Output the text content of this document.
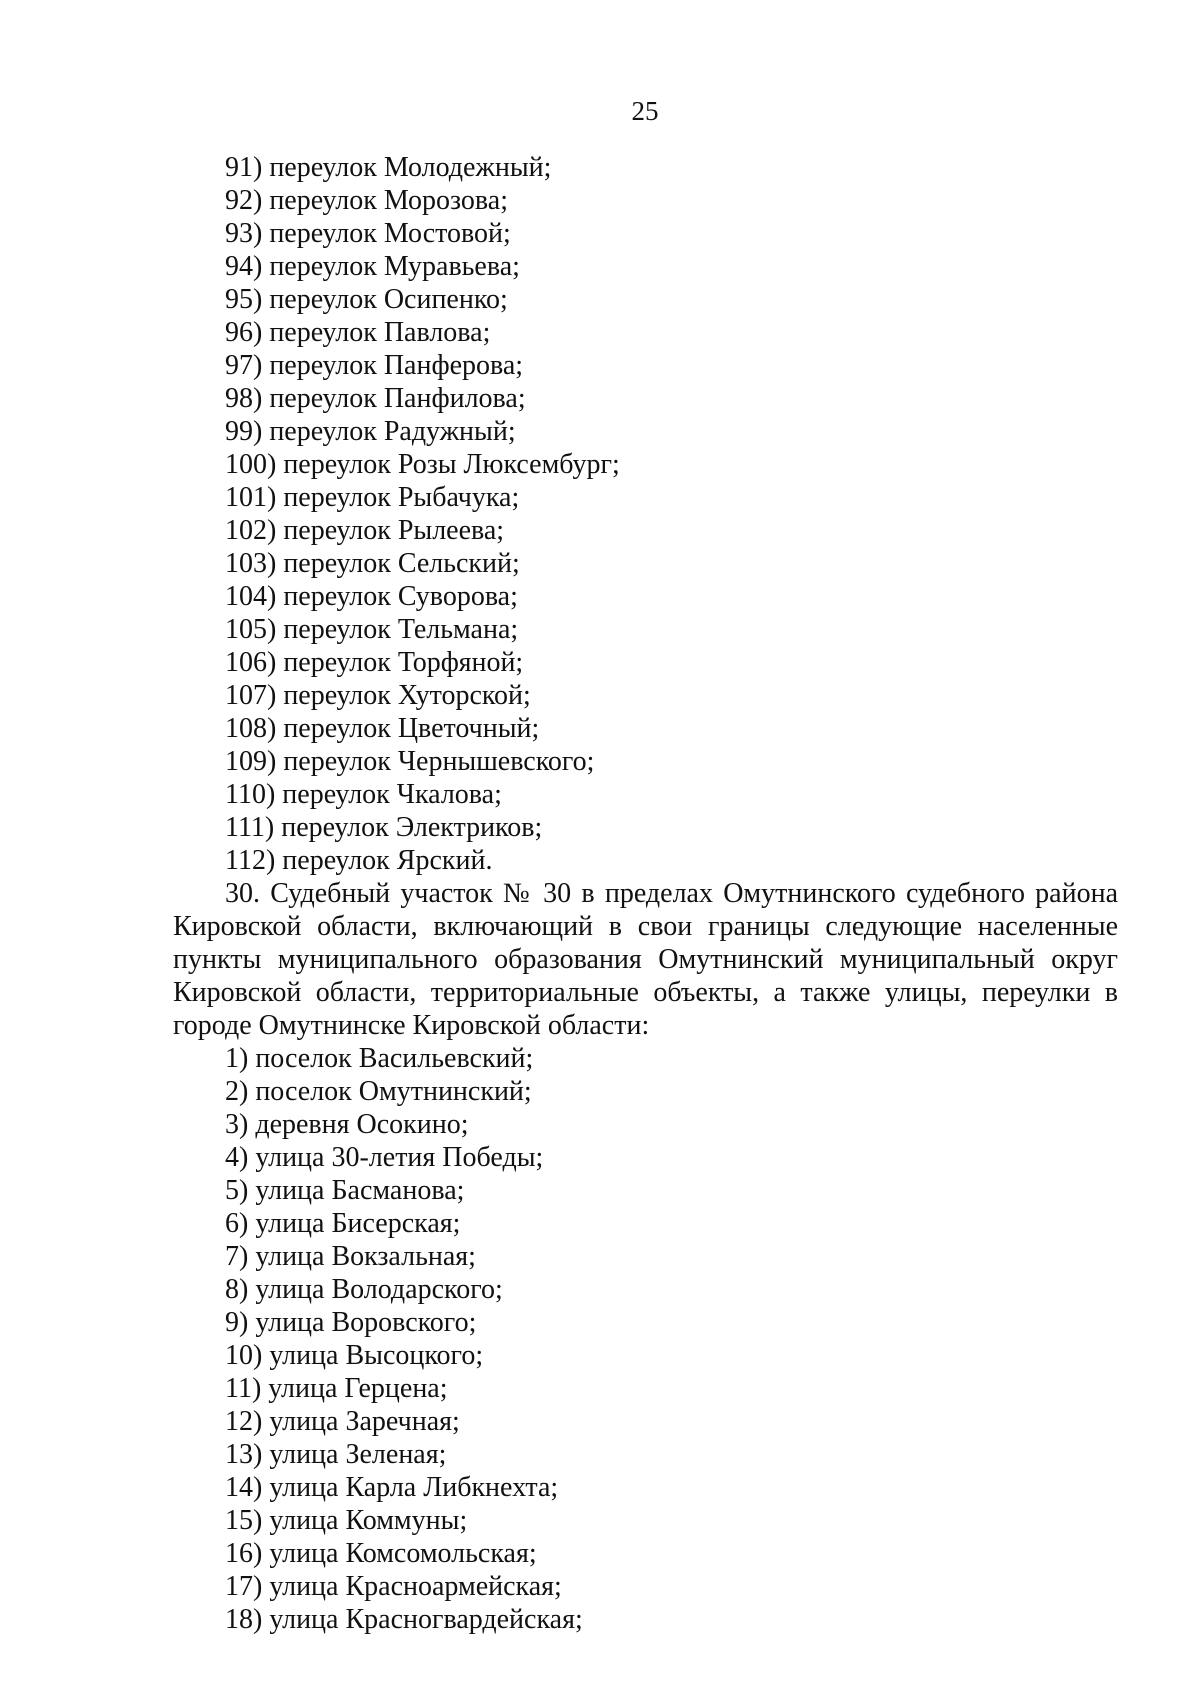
25

91) переулок Молодежный;

92) переулок Морозова;

93) переулок Мостовой;

94) переулок Муравьева;

95) переулок Осипенко;

96) переулок Павлова;

97) переулок Панферова;

98) переулок Панфилова;

99) переулок Радужный;

100) переулок Розы Люксембург;

101) переулок Рыбачука;

102) переулок Рылеева;

103) переулок Сельский;

104) переулок Суворова;

105) переулок Тельмана;

106) переулок Торфяной;

107) переулок Хуторской;

108) переулок Цветочный;

109) переулок Чернышевского;

110) переулок Чкалова;

111) переулок Электриков;

112) переулок Ярский.

30. Судебный участок № 30 в пределах Омутнинского судебного района Кировской области, включающий в свои границы следующие населенные пункты муниципального образования Омутнинский муниципальный округ Кировской области, территориальные объекты, а также улицы, переулки в городе Омутнинске Кировской области:

1) поселок Васильевский;

2) поселок Омутнинский;

3) деревня Осокино;

4) улица 30-летия Победы;

5) улица Басманова;

6) улица Бисерская;

7) улица Вокзальная;

8) улица Володарского;

9) улица Воровского;

10) улица Высоцкого;

11) улица Герцена;

12) улица Заречная;

13) улица Зеленая;

14) улица Карла Либкнехта;

15) улица Коммуны;

16) улица Комсомольская;

17) улица Красноармейская;

18) улица Красногвардейская;
